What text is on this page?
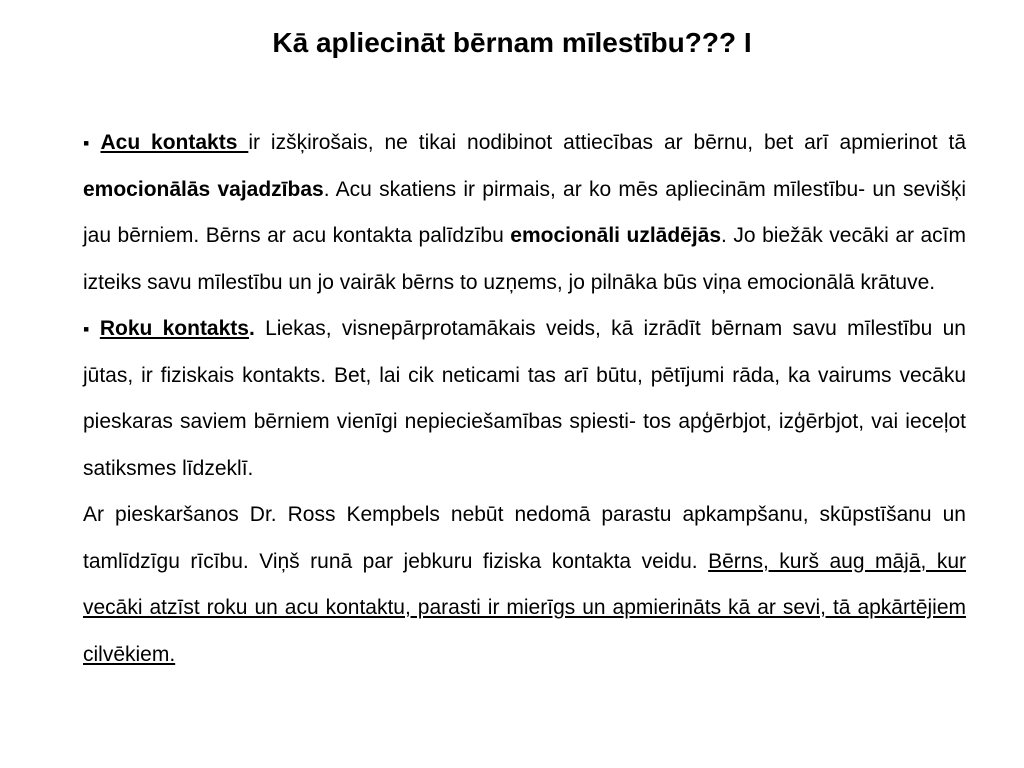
Kā apliecināt bērnam mīlestību??? I

▪ Acu kontakts ir izšķirošais, ne tikai nodibinot attiecības ar bērnu, bet arī apmierinot tā emocionālās vajadzības. Acu skatiens ir pirmais, ar ko mēs apliecinām mīlestību- un sevišķi jau bērniem. Bērns ar acu kontakta palīdzību emocionāli uzlādējās. Jo biežāk vecāki ar acīm izteiks savu mīlestību un jo vairāk bērns to uzņems, jo pilnāka būs viņa emocionālā krātuve.

▪ Roku kontakts. Liekas, visnepārprotamākais veids, kā izrādīt bērnam savu mīlestību un jūtas, ir fiziskais kontakts. Bet, lai cik neticami tas arī būtu, pētījumi rāda, ka vairums vecāku pieskaras saviem bērniem vienīgi nepieciešamības spiesti- tos apģērbjot, izģērbjot, vai ieceļot satiksmes līdzeklī.

Ar pieskaršanos Dr. Ross Kempbels nebūt nedomā parastu apkampšanu, skūpstīšanu un tamlīdzīgu rīcību. Viņš runā par jebkuru fiziska kontakta veidu. Bērns, kurš aug mājā, kur vecāki atzīst roku un acu kontaktu, parasti ir mierīgs un apmierināts kā ar sevi, tā apkārtējiem cilvēkiem.
